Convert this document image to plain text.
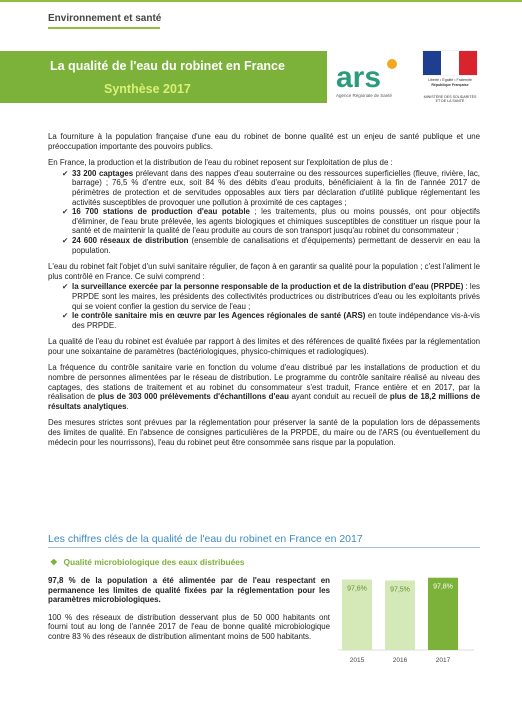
Environnement et santé
La qualité de l'eau du robinet en France
Synthèse 2017	ars
Agence Régionale de Santé
Liberté • Égalité • Fraternité
République Française
MINISTÈRE DES SOLIDARITÉS ET DE LA SANTÉ

La fourniture à la population française d'une eau du robinet de bonne qualité est un enjeu de santé publique et une préoccupation importante des pouvoirs publics.

En France, la production et la distribution de l'eau du robinet reposent sur l'exploitation de plus de :

✔ 33 200 captages prélevant dans des nappes d'eau souterraine ou des ressources superficielles (fleuve, rivière, lac, barrage) ; 76,5 % d'entre eux, soit 84 % des débits d'eau produits, bénéficiaient à la fin de l'année 2017 de périmètres de protection et de servitudes opposables aux tiers par déclaration d'utilité publique réglementant les activités susceptibles de provoquer une pollution à proximité de ces captages ;
✔ 16 700 stations de production d'eau potable ; les traitements, plus ou moins poussés, ont pour objectifs d'éliminer, de l'eau brute prélevée, les agents biologiques et chimiques susceptibles de constituer un risque pour la santé et de maintenir la qualité de l'eau produite au cours de son transport jusqu'au robinet du consommateur ;
✔ 24 600 réseaux de distribution (ensemble de canalisations et d'équipements) permettant de desservir en eau la population.

L'eau du robinet fait l'objet d'un suivi sanitaire régulier, de façon à en garantir sa qualité pour la population ; c'est l'aliment le plus contrôlé en France. Ce suivi comprend :

✔ la surveillance exercée par la personne responsable de la production et de la distribution d'eau (PRPDE) : les PRPDE sont les maires, les présidents des collectivités productrices ou distributrices d'eau ou les exploitants privés qui se voient confier la gestion du service de l'eau ;
✔ le contrôle sanitaire mis en œuvre par les Agences régionales de santé (ARS) en toute indépendance vis-à-vis des PRPDE.

La qualité de l'eau du robinet est évaluée par rapport à des limites et des références de qualité fixées par la réglementation pour une soixantaine de paramètres (bactériologiques, physico-chimiques et radiologiques).

La fréquence du contrôle sanitaire varie en fonction du volume d'eau distribué par les installations de production et du nombre de personnes alimentées par le réseau de distribution. Le programme du contrôle sanitaire réalisé au niveau des captages, des stations de traitement et au robinet du consommateur s'est traduit, France entière et en 2017, par la réalisation de plus de 303 000 prélèvements d'échantillons d'eau ayant conduit au recueil de plus de 18,2 millions de résultats analytiques.

Des mesures strictes sont prévues par la réglementation pour préserver la santé de la population lors de dépassements des limites de qualité. En l'absence de consignes particulières de la PRPDE, du maire ou de l'ARS (ou éventuellement du médecin pour les nourrissons), l'eau du robinet peut être consommée sans risque par la population.

Les chiffres clés de la qualité de l'eau du robinet en France en 2017
❖ Qualité microbiologique des eaux distribuées

97,8 % de la population a été alimentée par de l'eau respectant en permanence les limites de qualité fixées par la réglementation pour les paramètres microbiologiques.

100 % des réseaux de distribution desservant plus de 50 000 habitants ont fourni tout au long de l'année 2017 de l'eau de bonne qualité microbiologique contre 83 % des réseaux de distribution alimentant moins de 500 habitants.

97,6%
2015
97,5%
2016
97,8%
2017
